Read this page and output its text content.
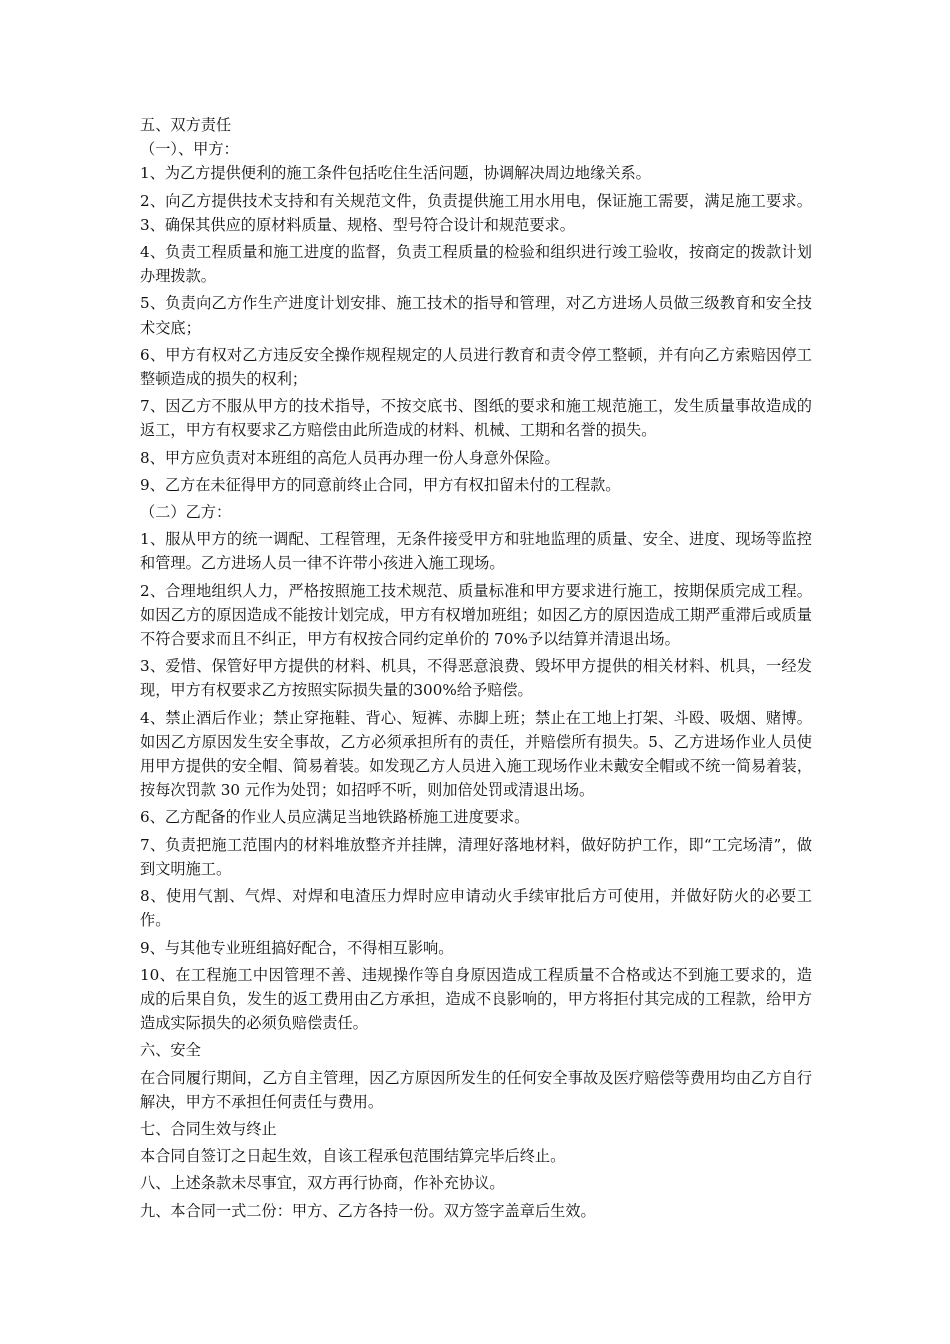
五、双方责任

（一）、甲方：

1、为乙方提供便利的施工条件包括吃住生活问题，协调解决周边地缘关系。

2、向乙方提供技术支持和有关规范文件，负责提供施工用水用电，保证施工需要，满足施工要求。3、确保其供应的原材料质量、规格、型号符合设计和规范要求。

4、负责工程质量和施工进度的监督，负责工程质量的检验和组织进行竣工验收，按商定的拨款计划办理拨款。

5、负责向乙方作生产进度计划安排、施工技术的指导和管理，对乙方进场人员做三级教育和安全技术交底；

6、甲方有权对乙方违反安全操作规程规定的人员进行教育和责令停工整顿，并有向乙方索赔因停工整顿造成的损失的权利；

7、因乙方不服从甲方的技术指导，不按交底书、图纸的要求和施工规范施工，发生质量事故造成的返工，甲方有权要求乙方赔偿由此所造成的材料、机械、工期和名誉的损失。

8、甲方应负责对本班组的高危人员再办理一份人身意外保险。

9、乙方在未征得甲方的同意前终止合同，甲方有权扣留未付的工程款。

（二）乙方：

1、服从甲方的统一调配、工程管理，无条件接受甲方和驻地监理的质量、安全、进度、现场等监控和管理。乙方进场人员一律不许带小孩进入施工现场。

2、合理地组织人力，严格按照施工技术规范、质量标准和甲方要求进行施工，按期保质完成工程。如因乙方的原因造成不能按计划完成，甲方有权增加班组；如因乙方的原因造成工期严重滞后或质量不符合要求而且不纠正，甲方有权按合同约定单价的 70%予以结算并清退出场。

3、爱惜、保管好甲方提供的材料、机具，不得恶意浪费、毁坏甲方提供的相关材料、机具，一经发现，甲方有权要求乙方按照实际损失量的300%给予赔偿。

4、禁止酒后作业；禁止穿拖鞋、背心、短裤、赤脚上班；禁止在工地上打架、斗殴、吸烟、赌博。如因乙方原因发生安全事故，乙方必须承担所有的责任，并赔偿所有损失。5、乙方进场作业人员使用甲方提供的安全帽、简易着装。如发现乙方人员进入施工现场作业未戴安全帽或不统一简易着装，按每次罚款 30 元作为处罚；如招呼不听，则加倍处罚或清退出场。

6、乙方配备的作业人员应满足当地铁路桥施工进度要求。

7、负责把施工范围内的材料堆放整齐并挂牌，清理好落地材料，做好防护工作，即“工完场清”，做到文明施工。

8、使用气割、气焊、对焊和电渣压力焊时应申请动火手续审批后方可使用，并做好防火的必要工作。

9、与其他专业班组搞好配合，不得相互影响。

10、在工程施工中因管理不善、违规操作等自身原因造成工程质量不合格或达不到施工要求的，造成的后果自负，发生的返工费用由乙方承担，造成不良影响的，甲方将拒付其完成的工程款，给甲方造成实际损失的必须负赔偿责任。

六、安全

在合同履行期间，乙方自主管理，因乙方原因所发生的任何安全事故及医疗赔偿等费用均由乙方自行解决，甲方不承担任何责任与费用。

七、合同生效与终止

本合同自签订之日起生效，自该工程承包范围结算完毕后终止。

八、上述条款未尽事宜，双方再行协商，作补充协议。

九、本合同一式二份：甲方、乙方各持一份。双方签字盖章后生效。
